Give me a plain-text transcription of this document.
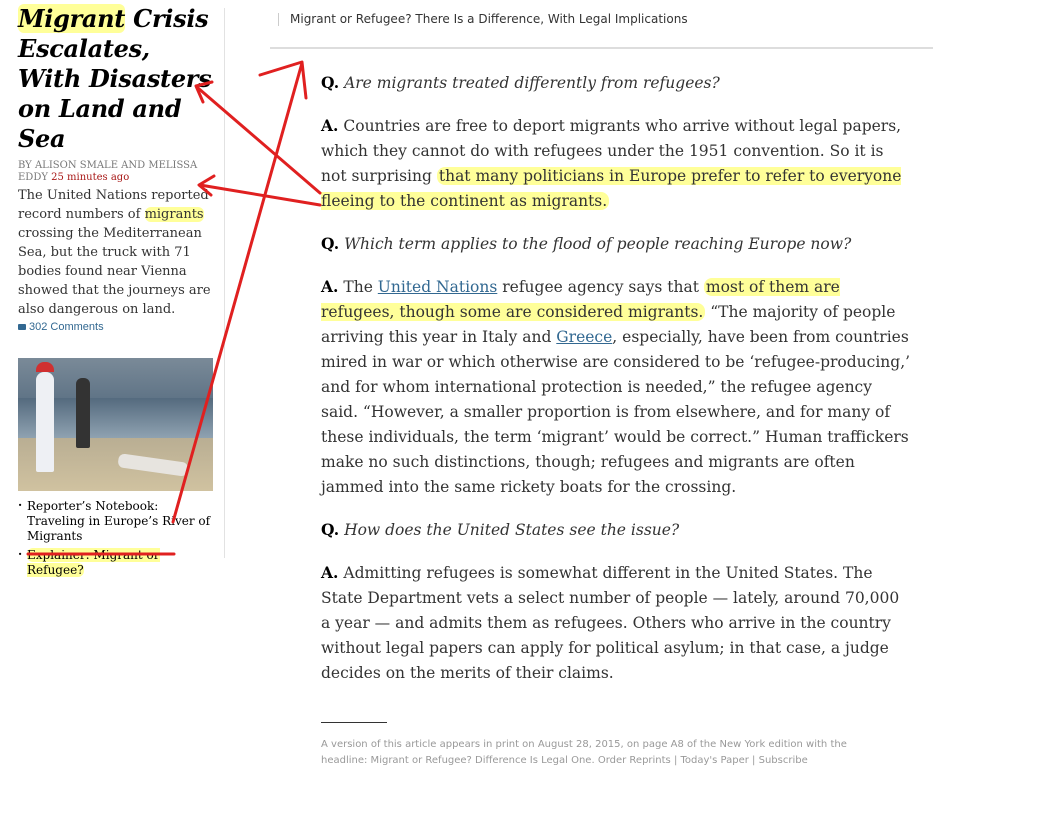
Migrant Crisis Escalates, With Disasters on Land and Sea
BY ALISON SMALE AND MELISSA EDDY 25 minutes ago
The United Nations reported record numbers of migrants crossing the Mediterranean Sea, but the truck with 71 bodies found near Vienna showed that the journeys are also dangerous on land.
302 Comments
· Reporter’s Notebook: Traveling in Europe’s River of Migrants
· Explainer: Migrant or Refugee?
Migrant or Refugee? There Is a Difference, With Legal Implications

Q. Are migrants treated differently from refugees?

A. Countries are free to deport migrants who arrive without legal papers, which they cannot do with refugees under the 1951 convention. So it is not surprising that many politicians in Europe prefer to refer to everyone fleeing to the continent as migrants.

Q. Which term applies to the flood of people reaching Europe now?

A. The United Nations refugee agency says that most of them are refugees, though some are considered migrants. “The majority of people arriving this year in Italy and Greece, especially, have been from countries mired in war or which otherwise are considered to be ‘refugee-producing,’ and for whom international protection is needed,” the refugee agency said. “However, a smaller proportion is from elsewhere, and for many of these individuals, the term ‘migrant’ would be correct.” Human traffickers make no such distinctions, though; refugees and migrants are often jammed into the same rickety boats for the crossing.

Q. How does the United States see the issue?

A. Admitting refugees is somewhat different in the United States. The State Department vets a select number of people — lately, around 70,000 a year — and admits them as refugees. Others who arrive in the country without legal papers can apply for political asylum; in that case, a judge decides on the merits of their claims.

A version of this article appears in print on August 28, 2015, on page A8 of the New York edition with the headline: Migrant or Refugee? Difference Is Legal One. Order Reprints | Today's Paper | Subscribe
